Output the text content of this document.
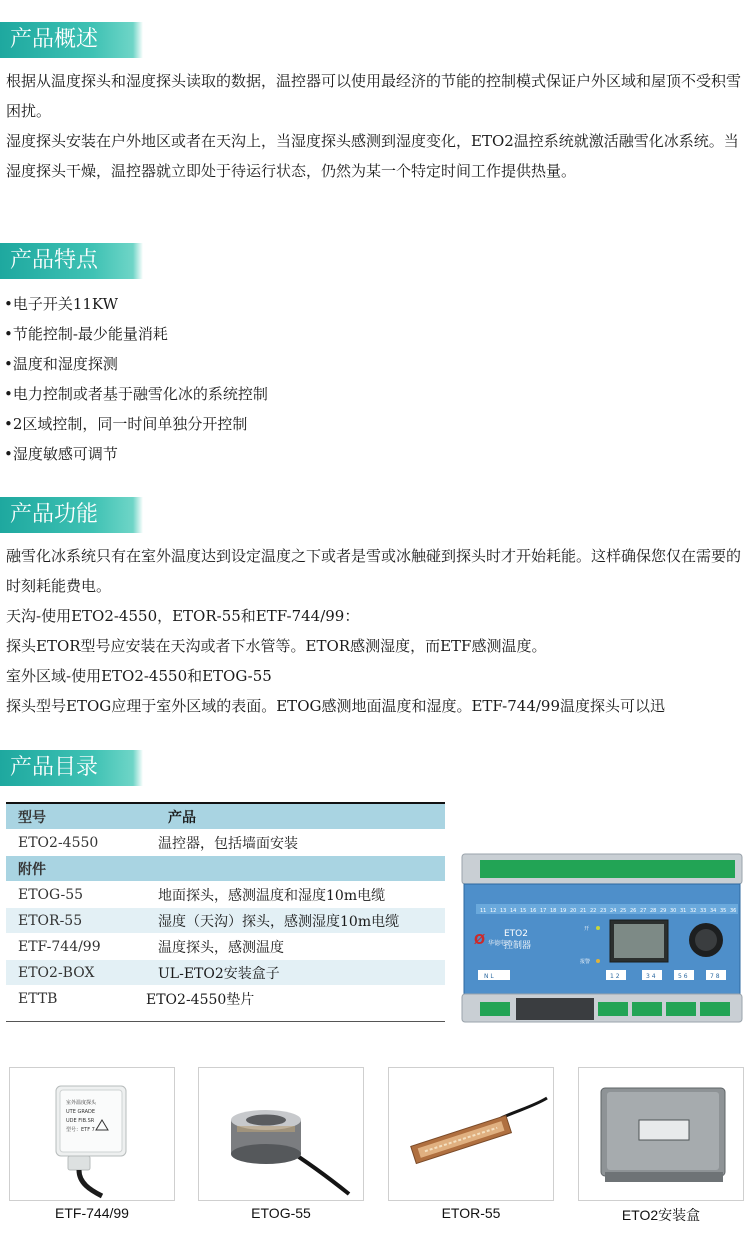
产品概述

根据从温度探头和湿度探头读取的数据，温控器可以使用最经济的节能的控制模式保证户外区域和屋顶不受积雪困扰。

湿度探头安装在户外地区或者在天沟上，当湿度探头感测到湿度变化，ETO2温控系统就激活融雪化冰系统。当湿度探头干燥，温控器就立即处于待运行状态，仍然为某一个特定时间工作提供热量。

产品特点
•电子开关11KW
•节能控制-最少能量消耗
•温度和湿度探测
•电力控制或者基于融雪化冰的系统控制
•2区域控制，同一时间单独分开控制
•湿度敏感可调节
产品功能

融雪化冰系统只有在室外温度达到设定温度之下或者是雪或冰触碰到探头时才开始耗能。这样确保您仅在需要的时刻耗能费电。

天沟-使用ETO2-4550，ETOR-55和ETF-744/99：

探头ETOR型号应安装在天沟或者下水管等。ETOR感测湿度，而ETF感测温度。

室外区域-使用ETO2-4550和ETOG-55

探头型号ETOG应理于室外区域的表面。ETOG感测地面温度和湿度。ETF-744/99温度探头可以迅

产品目录
型号	产品
ETO2-4550	温控器，包括墙面安装
附件	
ETOG-55	地面探头，感测温度和湿度10m电缆
ETOR-55	湿度（天沟）探头，感测湿度10m电缆
ETF-744/99	温度探头，感测温度
ETO2-BOX	UL-ETO2安装盒子
ETTB	ETO2-4550垫片
11 12 13 14 15 16 17 18 19 20 21 22 23 24 25 26 27 28 29 30 31 32 33 34 35 36
Ø 华德电工
ETO2
控制器
开
报警
N L	1 2	3 4	5 6	7 8
室外温度探头
UTE GRADE
UDE FIB.SR
型号：ETF 7
ETF-744/99	ETOG-55	ETOR-55	ETO2安装盒
